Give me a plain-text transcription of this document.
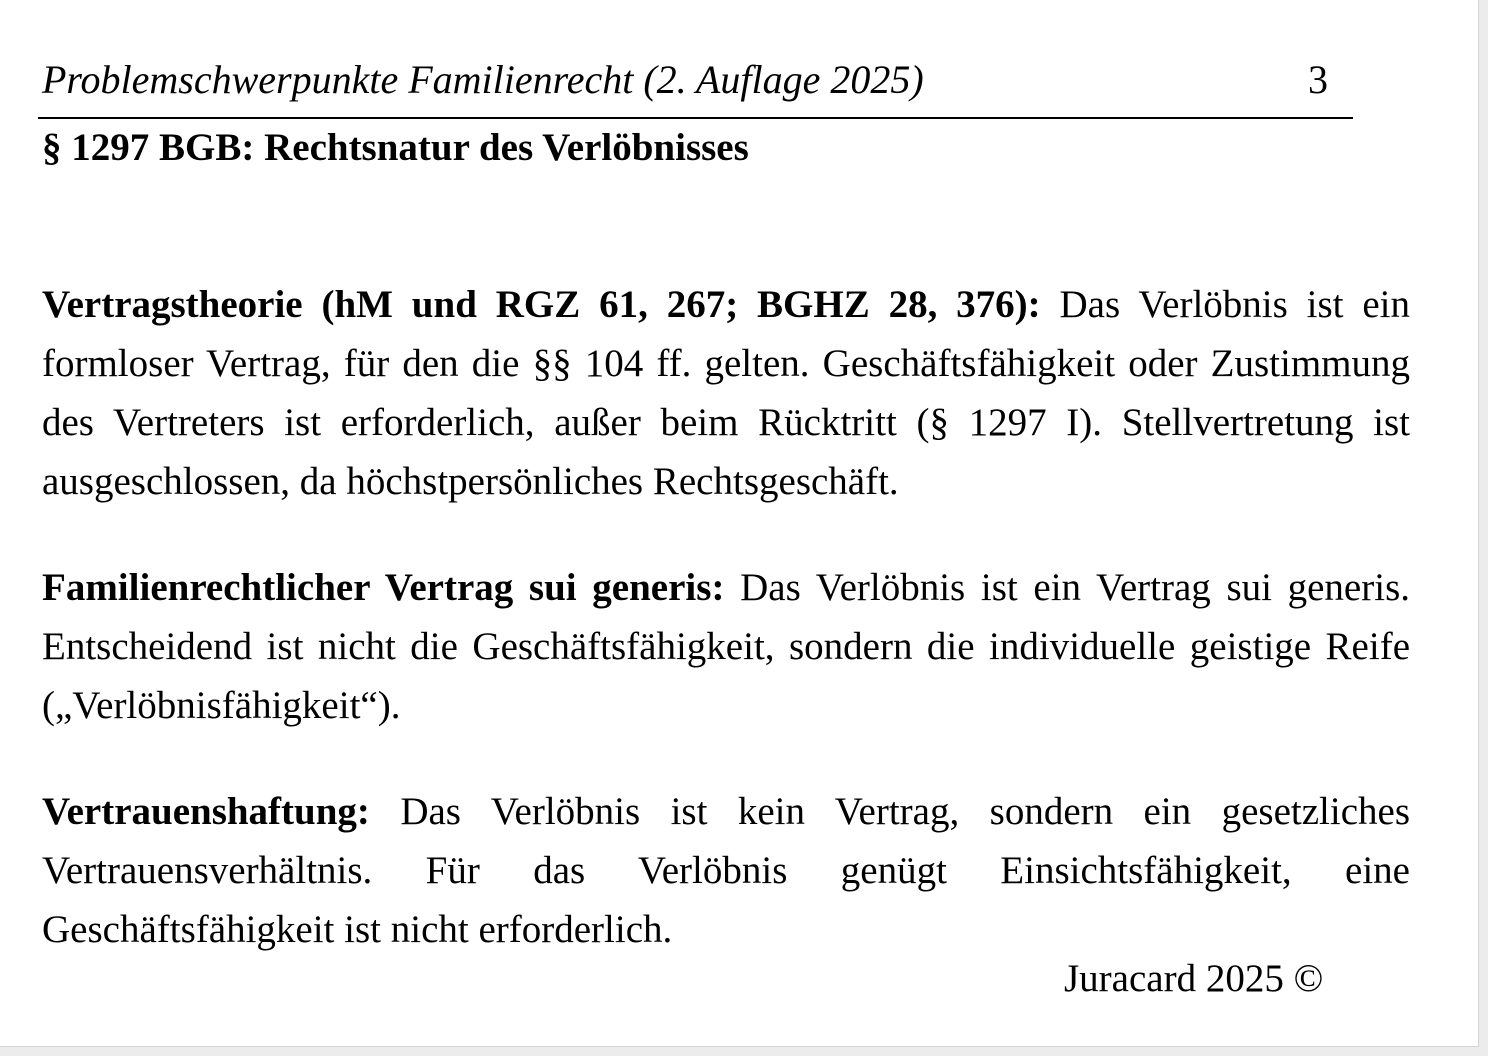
Problemschwerpunkte Familienrecht (2. Auflage 2025)	3
§ 1297 BGB: Rechtsnatur des Verlöbnisses

Vertragstheorie (hM und RGZ 61, 267; BGHZ 28, 376): Das Verlöbnis ist ein formloser Vertrag, für den die §§ 104 ff. gelten. Geschäftsfähigkeit oder Zustimmung des Vertreters ist erforderlich, außer beim Rücktritt (§ 1297 I). Stellvertretung ist ausgeschlossen, da höchstpersönliches Rechtsgeschäft.

Familienrechtlicher Vertrag sui generis: Das Verlöbnis ist ein Vertrag sui generis. Entscheidend ist nicht die Geschäftsfähigkeit, sondern die individuelle geistige Reife („Verlöbnisfähigkeit“).

Vertrauenshaftung: Das Verlöbnis ist kein Vertrag, sondern ein gesetzliches Vertrauensverhältnis. Für das Verlöbnis genügt Einsichtsfähigkeit, eine Geschäftsfähigkeit ist nicht erforderlich.

Juracard 2025 ©
